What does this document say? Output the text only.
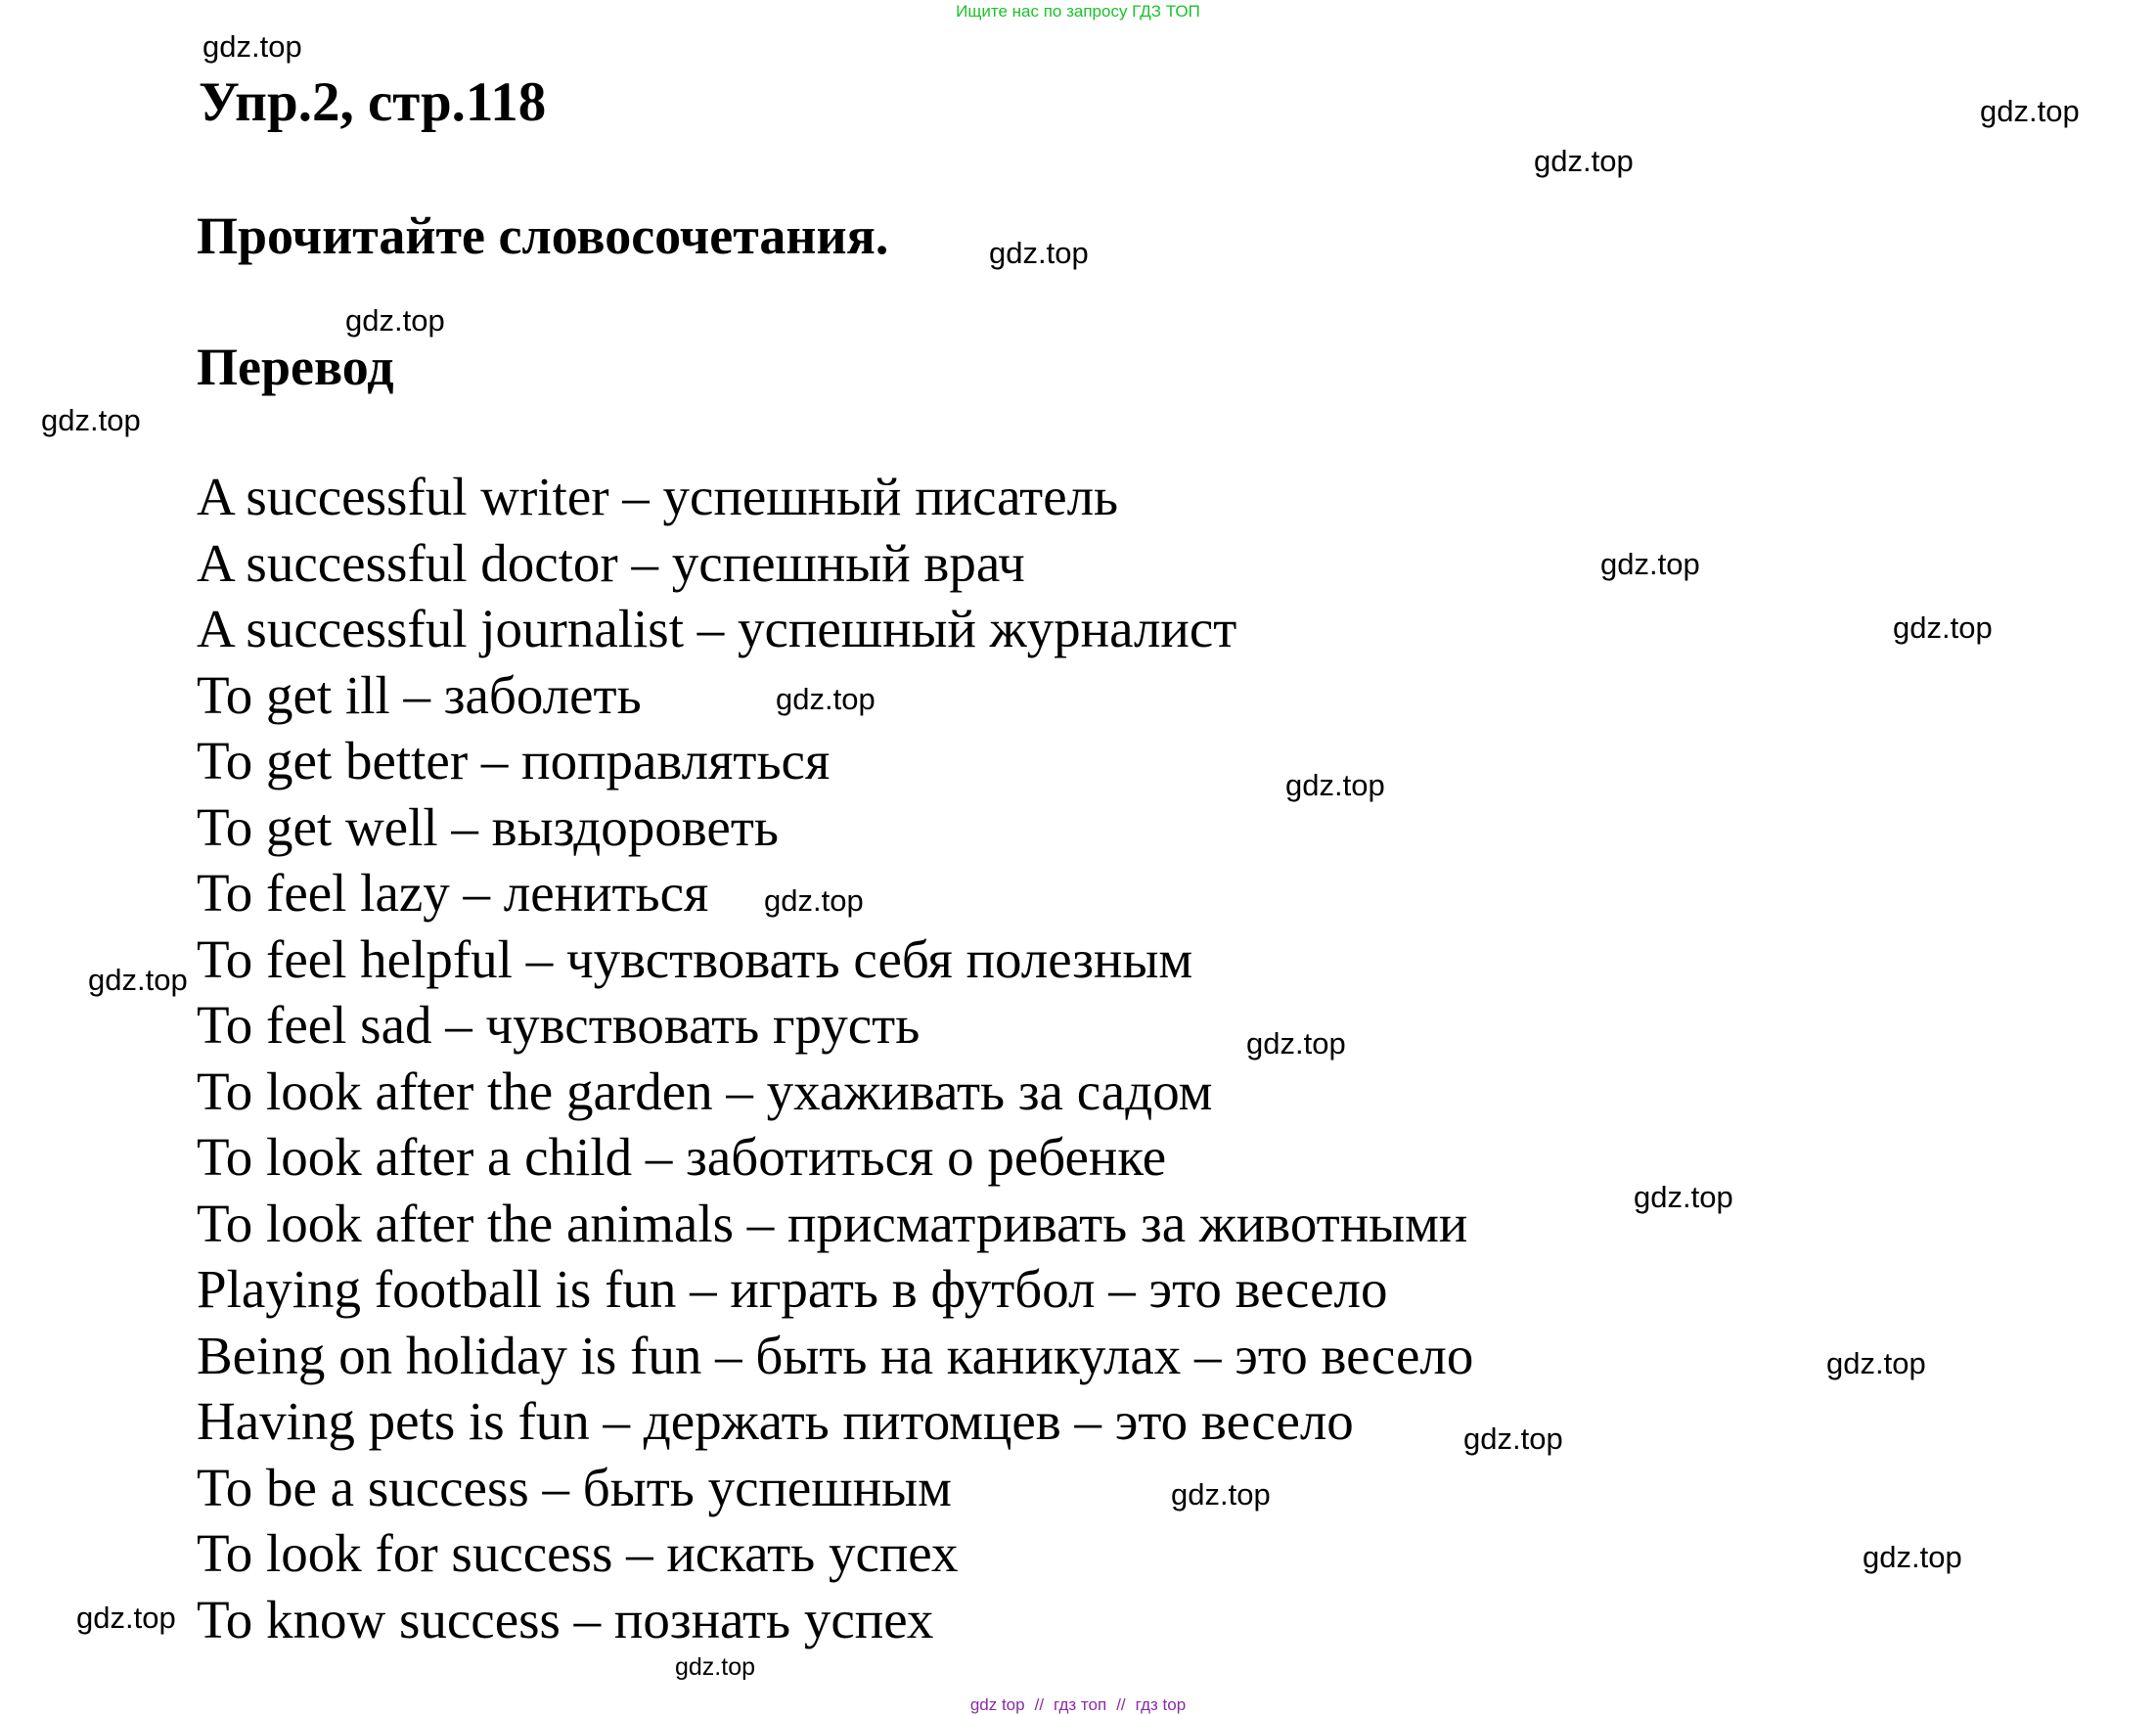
Ищите нас по запросу ГДЗ ТОП
Упр.2, стр.118
Прочитайте словосочетания.
Перевод
A successful writer – успешный писатель
A successful doctor – успешный врач
A successful journalist – успешный журналист
To get ill – заболеть
To get better – поправляться
To get well – выздороветь
To feel lazy – лениться
To feel helpful – чувствовать себя полезным
To feel sad – чувствовать грусть
To look after the garden – ухаживать за садом
To look after a child – заботиться о ребенке
To look after the animals – присматривать за животными
Playing football is fun – играть в футбол – это весело
Being on holiday is fun – быть на каникулах – это весело
Having pets is fun – держать питомцев – это весело
To be a success – быть успешным
To look for success – искать успех
To know success – познать успех
gdz.top
gdz.top
gdz.top
gdz.top
gdz.top
gdz.top
gdz.top
gdz.top
gdz.top
gdz.top
gdz.top
gdz.top
gdz.top
gdz.top
gdz.top
gdz.top
gdz.top
gdz.top
gdz.top
gdz.top
gdz top // гдз топ // гдз top
